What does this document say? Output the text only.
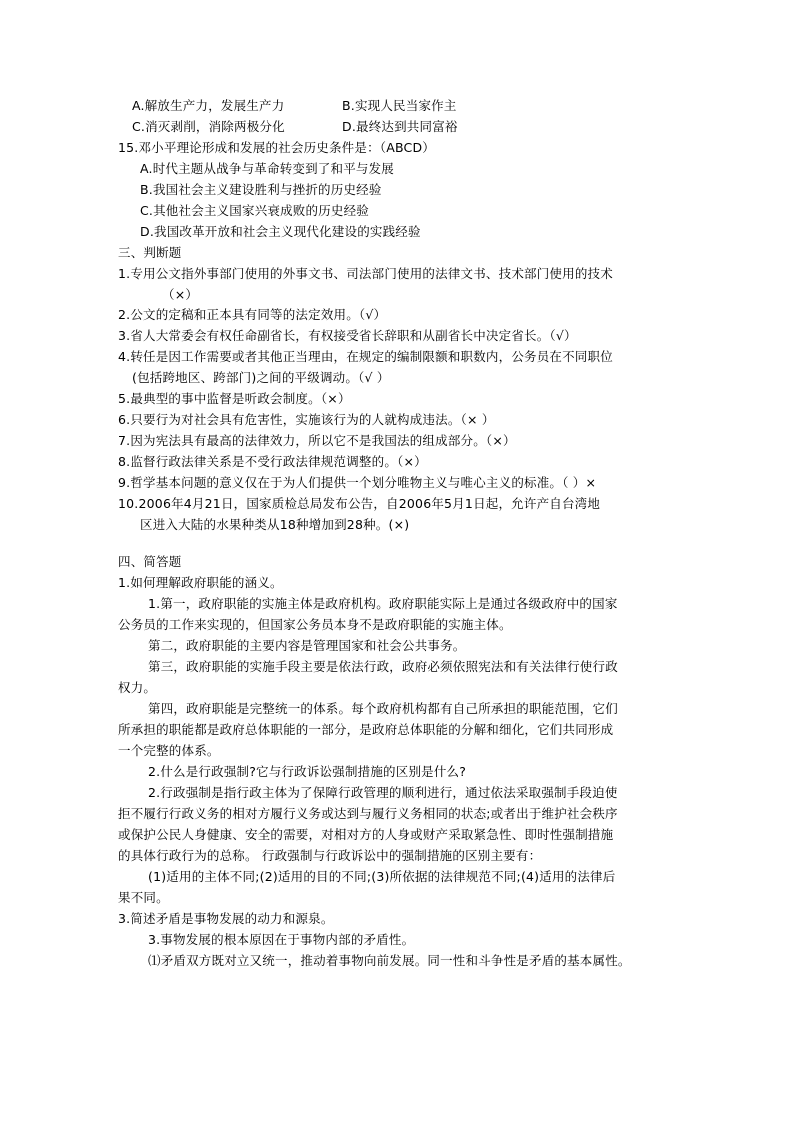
A.解放生产力，发展生产力	B.实现人民当家作主
C.消灭剥削，消除两极分化	D.最终达到共同富裕
15.邓小平理论形成和发展的社会历史条件是：（ABCD）
A.时代主题从战争与革命转变到了和平与发展
B.我国社会主义建设胜利与挫折的历史经验
C.其他社会主义国家兴衰成败的历史经验
D.我国改革开放和社会主义现代化建设的实践经验
三、判断题
1.专用公文指外事部门使用的外事文书、司法部门使用的法律文书、技术部门使用的技术
（×）
2.公文的定稿和正本具有同等的法定效用。（√）
3.省人大常委会有权任命副省长，有权接受省长辞职和从副省长中决定省长。（√）
4.转任是因工作需要或者其他正当理由，在规定的编制限额和职数内，公务员在不同职位
(包括跨地区、跨部门)之间的平级调动。（√ ）
5.最典型的事中监督是听政会制度。（×）
6.只要行为对社会具有危害性，实施该行为的人就构成违法。（× ）
7.因为宪法具有最高的法律效力，所以它不是我国法的组成部分。（×）
8.监督行政法律关系是不受行政法律规范调整的。（×）
9.哲学基本问题的意义仅在于为人们提供一个划分唯物主义与唯心主义的标准。（ ）×
10.2006年4月21日，国家质检总局发布公告，自2006年5月1日起，允许产自台湾地
区进入大陆的水果种类从18种增加到28种。(×)
四、简答题
1.如何理解政府职能的涵义。
1.第一，政府职能的实施主体是政府机构。政府职能实际上是通过各级政府中的国家
公务员的工作来实现的，但国家公务员本身不是政府职能的实施主体。
第二，政府职能的主要内容是管理国家和社会公共事务。
第三，政府职能的实施手段主要是依法行政，政府必须依照宪法和有关法律行使行政
权力。
第四，政府职能是完整统一的体系。每个政府机构都有自己所承担的职能范围，它们
所承担的职能都是政府总体职能的一部分，是政府总体职能的分解和细化，它们共同形成
一个完整的体系。
2.什么是行政强制?它与行政诉讼强制措施的区别是什么?
2.行政强制是指行政主体为了保障行政管理的顺利进行，通过依法采取强制手段迫使
拒不履行行政义务的相对方履行义务或达到与履行义务相同的状态;或者出于维护社会秩序
或保护公民人身健康、安全的需要，对相对方的人身或财产采取紧急性、即时性强制措施
的具体行政行为的总称。 行政强制与行政诉讼中的强制措施的区别主要有：
(1)适用的主体不同;(2)适用的目的不同;(3)所依据的法律规范不同;(4)适用的法律后
果不同。
3.简述矛盾是事物发展的动力和源泉。
3.事物发展的根本原因在于事物内部的矛盾性。
⑴矛盾双方既对立又统一，推动着事物向前发展。同一性和斗争性是矛盾的基本属性。
